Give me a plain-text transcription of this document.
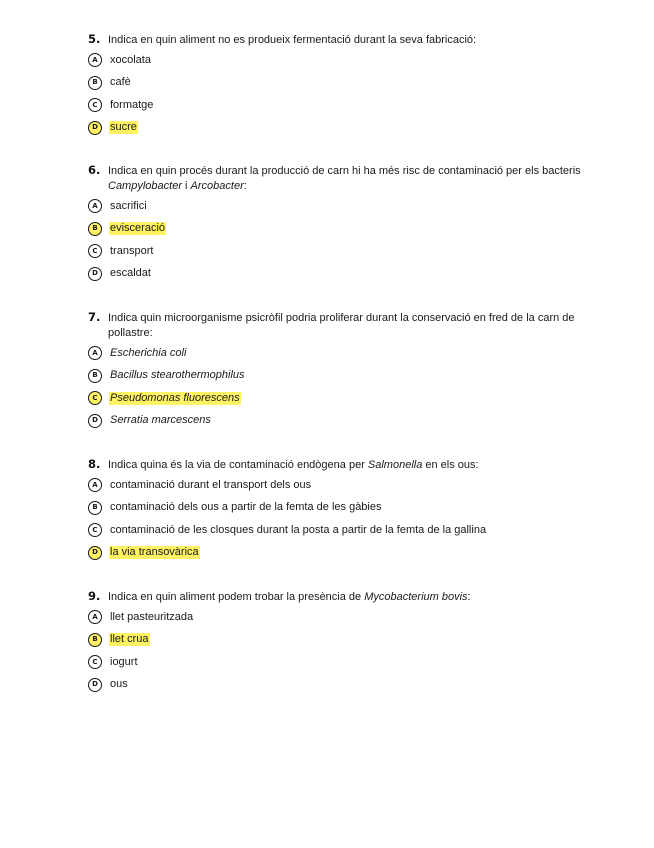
5. Indica en quin aliment no es produeix fermentació durant la seva fabricació:
A	xocolata
B	cafè
C	formatge
D	sucre
6. Indica en quin procés durant la producció de carn hi ha més risc de contaminació per els bacteris Campylobacter i Arcobacter:
A	sacrifici
B	evisceració
C	transport
D	escaldat
7. Indica quin microorganisme psicròfil podria proliferar durant la conservació en fred de la carn de pollastre:
A	Escherichia coli
B	Bacillus stearothermophilus
C	Pseudomonas fluorescens
D	Serratia marcescens
8. Indica quina és la via de contaminació endògena per Salmonella en els ous:
A	contaminació durant el transport dels ous
B	contaminació dels ous a partir de la femta de les gàbies
C	contaminació de les closques durant la posta a partir de la femta de la gallina
D	la via transovàrica
9. Indica en quin aliment podem trobar la presència de Mycobacterium bovis:
A	llet pasteuritzada
B	llet crua
C	iogurt
D	ous
